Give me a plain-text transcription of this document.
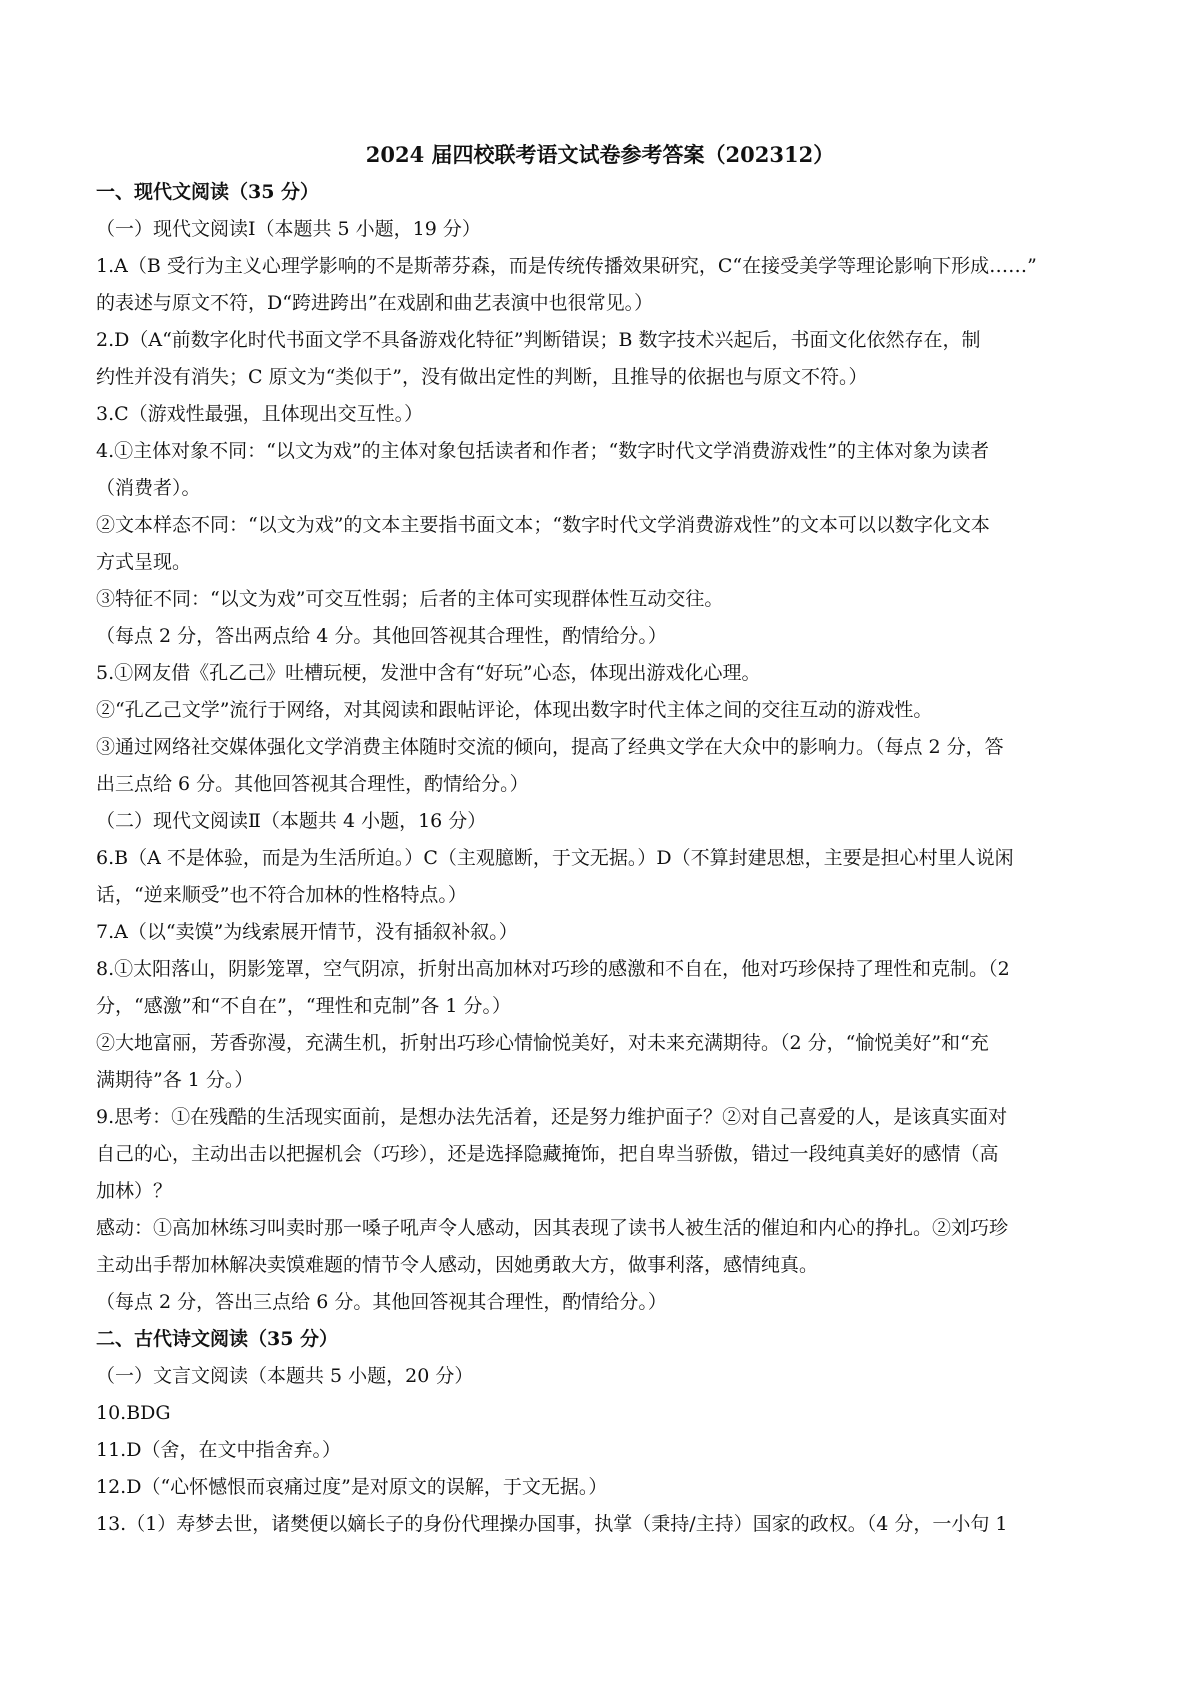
2024 届四校联考语文试卷参考答案（202312）
一、现代文阅读（35 分）
（一）现代文阅读Ⅰ（本题共 5 小题，19 分）
1.A（B 受行为主义心理学影响的不是斯蒂芬森，而是传统传播效果研究，C“在接受美学等理论影响下形成……”
的表述与原文不符，D“跨进跨出”在戏剧和曲艺表演中也很常见。）
2.D（A“前数字化时代书面文学不具备游戏化特征”判断错误；B 数字技术兴起后，书面文化依然存在，制
约性并没有消失；C 原文为“类似于”，没有做出定性的判断，且推导的依据也与原文不符。）
3.C（游戏性最强，且体现出交互性。）
4.①主体对象不同：“以文为戏”的主体对象包括读者和作者；“数字时代文学消费游戏性”的主体对象为读者
（消费者）。
②文本样态不同：“以文为戏”的文本主要指书面文本；“数字时代文学消费游戏性”的文本可以以数字化文本
方式呈现。
③特征不同：“以文为戏”可交互性弱；后者的主体可实现群体性互动交往。
（每点 2 分，答出两点给 4 分。其他回答视其合理性，酌情给分。）
5.①网友借《孔乙己》吐槽玩梗，发泄中含有“好玩”心态，体现出游戏化心理。
②“孔乙己文学”流行于网络，对其阅读和跟帖评论，体现出数字时代主体之间的交往互动的游戏性。
③通过网络社交媒体强化文学消费主体随时交流的倾向，提高了经典文学在大众中的影响力。（每点 2 分，答
出三点给 6 分。其他回答视其合理性，酌情给分。）
（二）现代文阅读Ⅱ（本题共 4 小题，16 分）
6.B（A 不是体验，而是为生活所迫。）C（主观臆断，于文无据。）D（不算封建思想，主要是担心村里人说闲
话，“逆来顺受”也不符合加林的性格特点。）
7.A（以“卖馍”为线索展开情节，没有插叙补叙。）
8.①太阳落山，阴影笼罩，空气阴凉，折射出高加林对巧珍的感激和不自在，他对巧珍保持了理性和克制。（2
分，“感激”和“不自在”，“理性和克制”各 1 分。）
②大地富丽，芳香弥漫，充满生机，折射出巧珍心情愉悦美好，对未来充满期待。（2 分，“愉悦美好”和“充
满期待”各 1 分。）
9.思考：①在残酷的生活现实面前，是想办法先活着，还是努力维护面子？②对自己喜爱的人，是该真实面对
自己的心，主动出击以把握机会（巧珍），还是选择隐藏掩饰，把自卑当骄傲，错过一段纯真美好的感情（高
加林）？
感动：①高加林练习叫卖时那一嗓子吼声令人感动，因其表现了读书人被生活的催迫和内心的挣扎。②刘巧珍
主动出手帮加林解决卖馍难题的情节令人感动，因她勇敢大方，做事利落，感情纯真。
（每点 2 分，答出三点给 6 分。其他回答视其合理性，酌情给分。）
二、古代诗文阅读（35 分）
（一）文言文阅读（本题共 5 小题，20 分）
10.BDG
11.D（舍，在文中指舍弃。）
12.D（“心怀憾恨而哀痛过度”是对原文的误解，于文无据。）
13.（1）寿梦去世，诸樊便以嫡长子的身份代理操办国事，执掌（秉持/主持）国家的政权。（4 分，一小句 1
